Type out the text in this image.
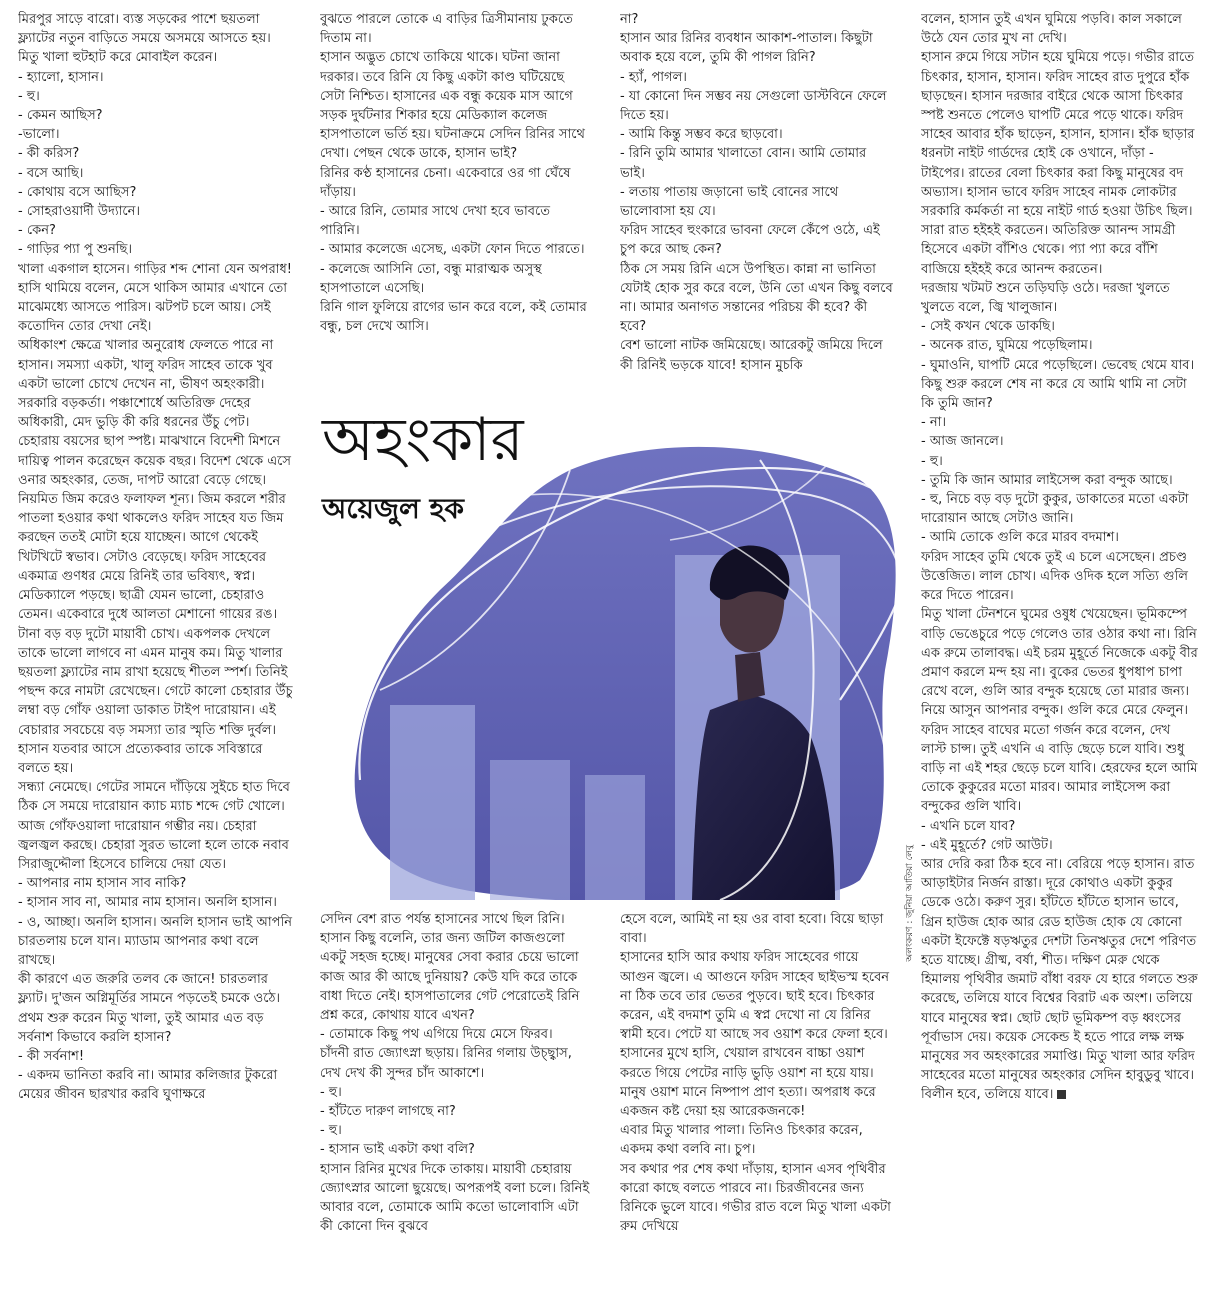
মিরপুর সাড়ে বারো। ব্যস্ত সড়কের পাশে ছয়তলা ফ্ল্যাটের নতুন বাড়িতে সময়ে অসময়ে আসতে হয়। মিতু খালা হুটহাট করে মোবাইল করেন।

- হ্যালো, হাসান।

- হু।

- কেমন আছিস?

-ভালো।

- কী করিস?

- বসে আছি।

- কোথায় বসে আছিস?

- সোহরাওয়ার্দী উদ্যানে।

- কেন?

- গাড়ির প্যা পু শুনছি।

খালা একগাল হাসেন। গাড়ির শব্দ শোনা যেন অপরাধ! হাসি থামিয়ে বলেন, মেসে থাকিস আমার এখানে তো মাঝেমধ্যে আসতে পারিস। ঝটপট চলে আয়। সেই কতোদিন তোর দেখা নেই।

অধিকাংশ ক্ষেত্রে খালার অনুরোধ ফেলতে পারে না হাসান। সমস্যা একটা, খালু ফরিদ সাহেব তাকে খুব একটা ভালো চোখে দেখেন না, ভীষণ অহংকারী। সরকারি বড়কর্তা। পঞ্চাশোর্ধে অতিরিক্ত দেহের অধিকারী, মেদ ভুড়ি কী করি ধরনের উঁচু পেট। চেহারায় বয়সের ছাপ স্পষ্ট। মাঝখানে বিদেশী মিশনে দায়িত্ব পালন করেছেন কয়েক বছর। বিদেশ থেকে এসে ওনার অহংকার, তেজ, দাপট আরো বেড়ে গেছে। নিয়মিত জিম করেও ফলাফল শূন্য। জিম করলে শরীর পাতলা হওয়ার কথা থাকলেও ফরিদ সাহেব যত জিম করছেন ততই মোটা হয়ে যাচ্ছেন। আগে থেকেই খিটখিটে স্বভাব। সেটাও বেড়েছে। ফরিদ সাহেবের একমাত্র গুণধর মেয়ে রিনিই তার ভবিষ্যৎ, স্বপ্ন। মেডিক্যালে পড়ছে। ছাত্রী যেমন ভালো, চেহারাও তেমন। একেবারে দুধে আলতা মেশানো গায়ের রঙ। টানা বড় বড় দুটো মায়াবী চোখ। একপলক দেখলে তাকে ভালো লাগবে না এমন মানুষ কম। মিতু খালার ছয়তলা ফ্ল্যাটের নাম রাখা হয়েছে শীতল স্পর্শ। তিনিই পছন্দ করে নামটা রেখেছেন। গেটে কালো চেহারার উঁচু লম্বা বড় গোঁফ ওয়ালা ডাকাত টাইপ দারোয়ান। এই বেচারার সবচেয়ে বড় সমস্যা তার স্মৃতি শক্তি দুর্বল। হাসান যতবার আসে প্রত্যেকবার তাকে সবিস্তারে বলতে হয়।

সন্ধ্যা নেমেছে। গেটের সামনে দাঁড়িয়ে সুইচে হাত দিবে ঠিক সে সময়ে দারোয়ান ক্যাচ ম্যাচ শব্দে গেট খোলে। আজ গোঁফওয়ালা দারোয়ান গম্ভীর নয়। চেহারা জ্বলজ্বল করছে। চেহারা সুরত ভালো হলে তাকে নবাব সিরাজুদ্দৌলা হিসেবে চালিয়ে দেয়া যেত।

- আপনার নাম হাসান সাব নাকি?

- হাসান সাব না, আমার নাম হাসান। অনলি হাসান।

- ও, আচ্ছা। অনলি হাসান। অনলি হাসান ভাই আপনি চারতলায় চলে যান। ম্যাডাম আপনার কথা বলে রাখছে।

কী কারণে এত জরুরি তলব কে জানে! চারতলার ফ্ল্যাট। দু'জন অগ্নিমূর্তির সামনে পড়তেই চমকে ওঠে। প্রথম শুরু করেন মিতু খালা, তুই আমার এত বড় সর্বনাশ কিভাবে করলি হাসান?

- কী সর্বনাশ!

- একদম ভানিতা করবি না। আমার কলিজার টুকরো মেয়ের জীবন ছারখার করবি ঘুণাক্ষরে

বুঝতে পারলে তোকে এ বাড়ির ত্রিসীমানায় ঢুকতে দিতাম না।

হাসান অদ্ভুত চোখে তাকিয়ে থাকে। ঘটনা জানা দরকার। তবে রিনি যে কিছু একটা কাণ্ড ঘটিয়েছে সেটা নিশ্চিত। হাসানের এক বন্ধু কয়েক মাস আগে সড়ক দুর্ঘটনার শিকার হয়ে মেডিক্যাল কলেজ হাসপাতালে ভর্তি হয়। ঘটনাক্রমে সেদিন রিনির সাথে দেখা। পেছন থেকে ডাকে, হাসান ভাই?

রিনির কণ্ঠ হাসানের চেনা। একেবারে ওর গা ঘেঁষে দাঁড়ায়।

- আরে রিনি, তোমার সাথে দেখা হবে ভাবতে পারিনি।

- আমার কলেজে এসেছ, একটা ফোন দিতে পারতে।

- কলেজে আসিনি তো, বন্ধু মারাত্মক অসুস্থ হাসপাতালে এসেছি।

রিনি গাল ফুলিয়ে রাগের ভান করে বলে, কই তোমার বন্ধু, চল দেখে আসি।

না?

হাসান আর রিনির ব্যবধান আকাশ-পাতাল। কিছুটা অবাক হয়ে বলে, তুমি কী পাগল রিনি?

- হ্যাঁ, পাগল।

- যা কোনো দিন সম্ভব নয় সেগুলো ডাস্টবিনে ফেলে দিতে হয়।

- আমি কিন্তু সম্ভব করে ছাড়বো।

- রিনি তুমি আমার খালাতো বোন। আমি তোমার ভাই।

- লতায় পাতায় জড়ানো ভাই বোনের সাথে ভালোবাসা হয় যে।

ফরিদ সাহেব হুংকারে ভাবনা ফেলে কেঁপে ওঠে, এই চুপ করে আছ কেন?

ঠিক সে সময় রিনি এসে উপস্থিত। কান্না না ভানিতা যেটাই হোক সুর করে বলে, উনি তো এখন কিছু বলবে না। আমার অনাগত সন্তানের পরিচয় কী হবে? কী হবে?

বেশ ভালো নাটক জমিয়েছে। আরেকটু জমিয়ে দিলে কী রিনিই ভড়কে যাবে! হাসান মুচকি

বলেন, হাসান তুই এখন ঘুমিয়ে পড়বি। কাল সকালে উঠে যেন তোর মুখ না দেখি।

হাসান রুমে গিয়ে সটান হয়ে ঘুমিয়ে পড়ে। গভীর রাতে চিৎকার, হাসান, হাসান। ফরিদ সাহেব রাত দুপুরে হাঁক ছাড়ছেন। হাসান দরজার বাইরে থেকে আসা চিৎকার স্পষ্ট শুনতে পেলেও ঘাপটি মেরে পড়ে থাকে। ফরিদ সাহেব আবার হাঁক ছাড়েন, হাসান, হাসান। হাঁক ছাড়ার ধরনটা নাইট গার্ডদের হোই কে ওখানে, দাঁড়া - টাইপের। রাতের বেলা চিৎকার করা কিছু মানুষের বদ অভ্যাস। হাসান ভাবে ফরিদ সাহেব নামক লোকটার সরকারি কর্মকর্তা না হয়ে নাইট গার্ড হওয়া উচিৎ ছিল। সারা রাত হইহই করতেন। অতিরিক্ত আনন্দ সামগ্রী হিসেবে একটা বাঁশিও থেকে। প্যা প্যা করে বাঁশি বাজিয়ে হইহই করে আনন্দ করতেন।

দরজায় খটমট শুনে তড়িঘড়ি ওঠে। দরজা খুলতে খুলতে বলে, জ্বি খালুজান।

- সেই কখন থেকে ডাকছি।

- অনেক রাত, ঘুমিয়ে পড়েছিলাম।

- ঘুমাওনি, ঘাপটি মেরে পড়েছিলে। ভেবেছ থেমে যাব। কিছু শুরু করলে শেষ না করে যে আমি থামি না সেটা কি তুমি জান?

- না।

- আজ জানলে।

- হু।

- তুমি কি জান আমার লাইসেন্স করা বন্দুক আছে।

- হু, নিচে বড় বড় দুটো কুকুর, ডাকাতের মতো একটা দারোয়ান আছে সেটাও জানি।

- আমি তোকে গুলি করে মারব বদমাশ।

ফরিদ সাহেব তুমি থেকে তুই এ চলে এসেছেন। প্রচণ্ড উত্তেজিত। লাল চোখ। এদিক ওদিক হলে সত্যি গুলি করে দিতে পারেন।

মিতু খালা টেনশনে ঘুমের ওষুধ খেয়েছেন। ভূমিকম্পে বাড়ি ভেঙেচুরে পড়ে গেলেও তার ওঠার কথা না। রিনি এক রুমে তালাবদ্ধ। এই চরম মুহূর্তে নিজেকে একটু বীর প্রমাণ করলে মন্দ হয় না। বুকের ভেতর ধুপধাপ চাপা রেখে বলে, গুলি আর বন্দুক হয়েছে তো মারার জন্য। নিয়ে আসুন আপনার বন্দুক। গুলি করে মেরে ফেলুন।

ফরিদ সাহেব বাঘের মতো গর্জন করে বলেন, দেখ লাস্ট চান্স। তুই এখনি এ বাড়ি ছেড়ে চলে যাবি। শুধু বাড়ি না এই শহর ছেড়ে চলে যাবি। হেরফের হলে আমি তোকে কুকুরের মতো মারব। আমার লাইসেন্স করা বন্দুকের গুলি খাবি।

- এখনি চলে যাব?

- এই মুহূর্তে? গেট আউট।

আর দেরি করা ঠিক হবে না। বেরিয়ে পড়ে হাসান। রাত আড়াইটার নির্জন রাস্তা। দূরে কোথাও একটা কুকুর ডেকে ওঠে। করুণ সুর। হাঁটতে হাঁটতে হাসান ভাবে, গ্রিন হাউজ হোক আর রেড হাউজ হোক যে কোনো একটা ইফেক্টে ষড়ঋতুর দেশটা তিনঋতুর দেশে পরিণত হতে যাচ্ছে। গ্রীষ্ম, বর্ষা, শীত। দক্ষিণ মেরু থেকে হিমালয় পৃথিবীর জমাট বাঁধা বরফ যে হারে গলতে শুরু করেছে, তলিয়ে যাবে বিশ্বের বিরাট এক অংশ। তলিয়ে যাবে মানুষের স্বপ্ন। ছোট ছোট ভূমিকম্প বড় ধ্বংসের পূর্বাভাস দেয়। কয়েক সেকেন্ড ই হতে পারে লক্ষ লক্ষ মানুষের সব অহংকারের সমাপ্তি। মিতু খালা আর ফরিদ সাহেবের মতো মানুষের অহংকার সেদিন হাবুডুবু খাবে। বিলীন হবে, তলিয়ে যাবে।

সেদিন বেশ রাত পর্যন্ত হাসানের সাথে ছিল রিনি। হাসান কিছু বলেনি, তার জন্য জটিল কাজগুলো একটু সহজ হচ্ছে। মানুষের সেবা করার চেয়ে ভালো কাজ আর কী আছে দুনিয়ায়? কেউ যদি করে তাকে বাধা দিতে নেই। হাসপাতালের গেট পেরোতেই রিনি প্রশ্ন করে, কোথায় যাবে এখন?

- তোমাকে কিছু পথ এগিয়ে দিয়ে মেসে ফিরব।

চাঁদনী রাত জ্যোৎস্না ছড়ায়। রিনির গলায় উচ্ছ্বাস, দেখ দেখ কী সুন্দর চাঁদ আকাশে।

- হু।

- হাঁটতে দারুণ লাগছে না?

- হু।

- হাসান ভাই একটা কথা বলি?

হাসান রিনির মুখের দিকে তাকায়। মায়াবী চেহারায় জ্যোৎস্নার আলো ছুয়েছে। অপরূপই বলা চলে। রিনিই আবার বলে, তোমাকে আমি কতো ভালোবাসি এটা কী কোনো দিন বুঝবে

হেসে বলে, আমিই না হয় ওর বাবা হবো। বিয়ে ছাড়া বাবা।

হাসানের হাসি আর কথায় ফরিদ সাহেবের গায়ে আগুন জ্বলে। এ আগুনে ফরিদ সাহেব ছাইভস্ম হবেন না ঠিক তবে তার ভেতর পুড়বে। ছাই হবে। চিৎকার করেন, এই বদমাশ তুমি এ স্বপ্ন দেখো না যে রিনির স্বামী হবে। পেটে যা আছে সব ওয়াশ করে ফেলা হবে।

হাসানের মুখে হাসি, খেয়াল রাখবেন বাচ্চা ওয়াশ করতে গিয়ে পেটের নাড়ি ভুড়ি ওয়াশ না হয়ে যায়। মানুষ ওয়াশ মানে নিষ্পাপ প্রাণ হত্যা। অপরাধ করে একজন কষ্ট দেয়া হয় আরেকজনকে!

এবার মিতু খালার পালা। তিনিও চিৎকার করেন, একদম কথা বলবি না। চুপ।

সব কথার পর শেষ কথা দাঁড়ায়, হাসান এসব পৃথিবীর কারো কাছে বলতে পারবে না। চিরজীবনের জন্য রিনিকে ভুলে যাবে। গভীর রাত বলে মিতু খালা একটা রুম দেখিয়ে

অহংকার
অয়েজুল হক
অলংকরণ : জুনিয়া আতিয়া লেবু
